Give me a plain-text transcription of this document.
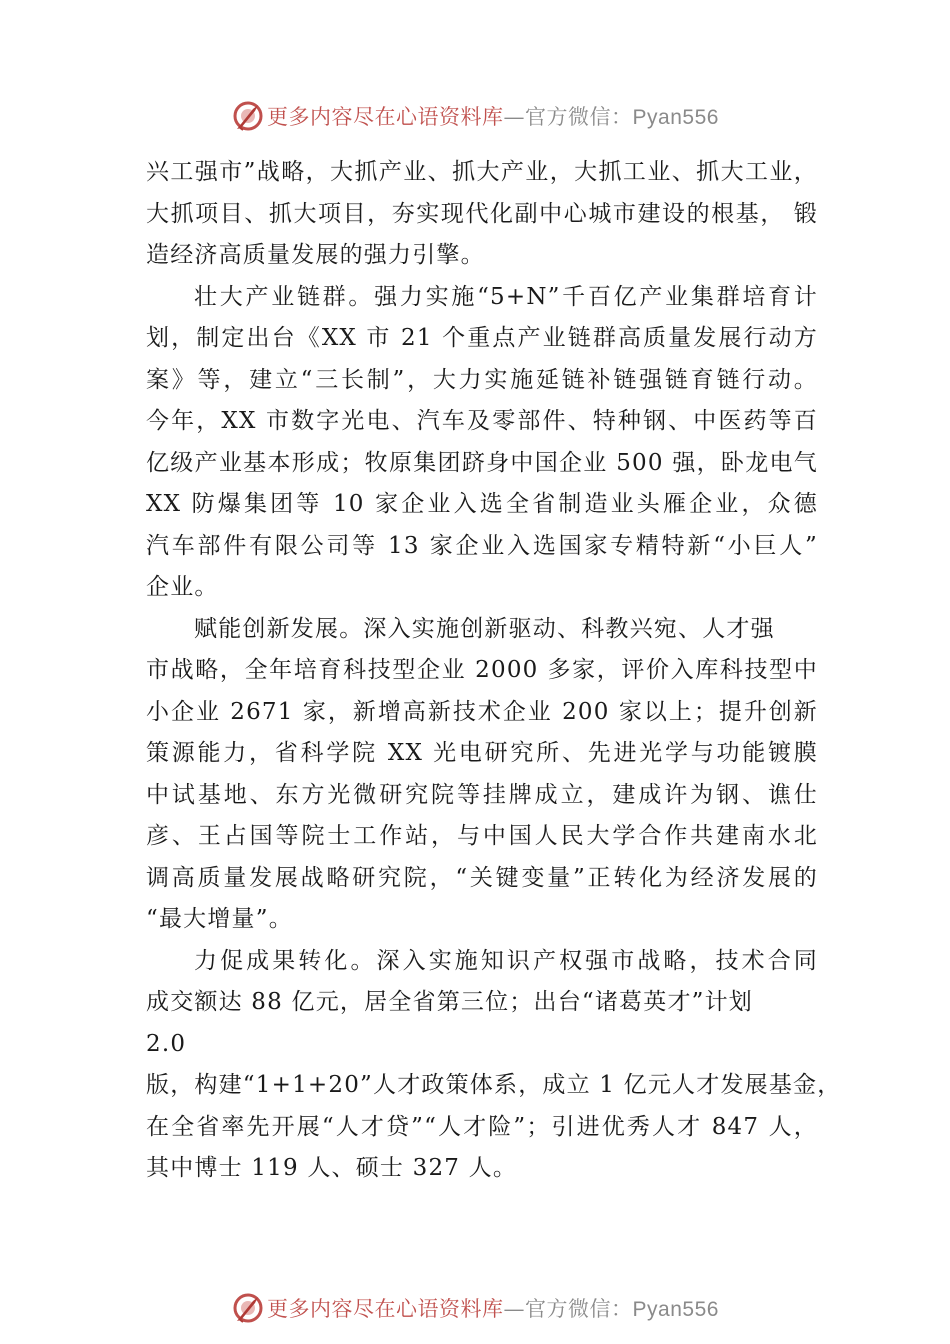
更多内容尽在心语资料库—官方微信：Pyan556
兴工强市”战略，大抓产业、抓大产业，大抓工业、抓大工业，
大抓项目、抓大项目，夯实现代化副中心城市建设的根基， 锻
造经济高质量发展的强力引擎。
壮大产业链群。强力实施“5+N”千百亿产业集群培育计
划，制定出台《XX 市 21 个重点产业链群高质量发展行动方
案》等，建立“三长制”，大力实施延链补链强链育链行动。
今年，XX 市数字光电、汽车及零部件、特种钢、中医药等百
亿级产业基本形成；牧原集团跻身中国企业 500 强，卧龙电气
XX 防爆集团等 10 家企业入选全省制造业头雁企业，众德
汽车部件有限公司等 13 家企业入选国家专精特新“小巨人”
企业。
赋能创新发展。深入实施创新驱动、科教兴宛、人才强
市战略，全年培育科技型企业 2000 多家，评价入库科技型中
小企业 2671 家，新增高新技术企业 200 家以上；提升创新
策源能力，省科学院 XX 光电研究所、先进光学与功能镀膜
中试基地、东方光微研究院等挂牌成立，建成许为钢、谯仕
彦、王占国等院士工作站，与中国人民大学合作共建南水北
调高质量发展战略研究院，“关键变量”正转化为经济发展的
“最大增量”。
力促成果转化。深入实施知识产权强市战略，技术合同
成交额达 88 亿元，居全省第三位；出台“诸葛英才”计划
2.0
版，构建“1+1+20”人才政策体系，成立 1 亿元人才发展基金，
在全省率先开展“人才贷”“人才险”；引进优秀人才 847 人，
其中博士 119 人、硕士 327 人。
更多内容尽在心语资料库—官方微信：Pyan556
